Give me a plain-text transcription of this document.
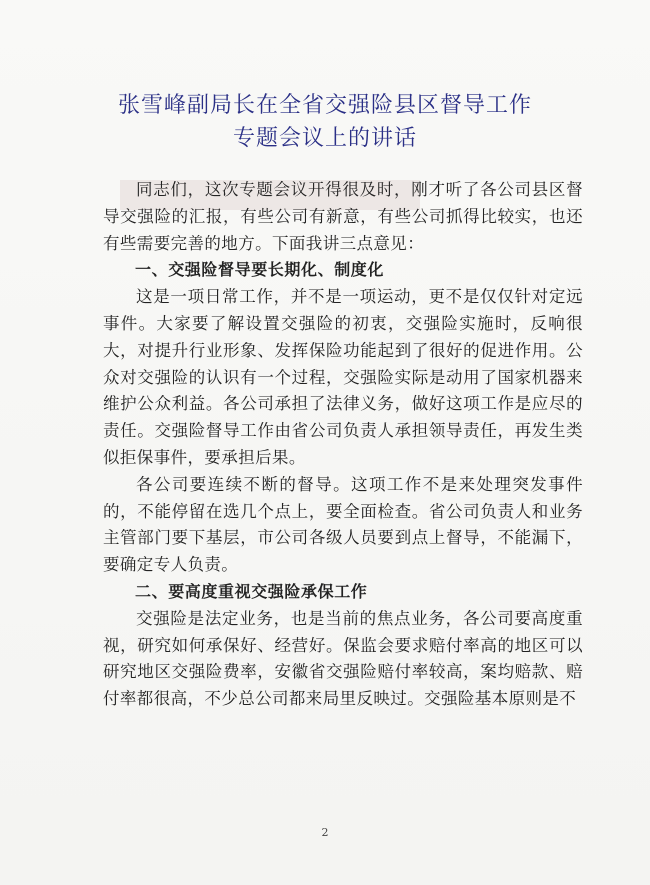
张雪峰副局长在全省交强险县区督导工作
专题会议上的讲话

同志们，这次专题会议开得很及时，刚才听了各公司县区督导交强险的汇报，有些公司有新意，有些公司抓得比较实，也还有些需要完善的地方。下面我讲三点意见：

一、交强险督导要长期化、制度化

这是一项日常工作，并不是一项运动，更不是仅仅针对定远事件。大家要了解设置交强险的初衷，交强险实施时，反响很大，对提升行业形象、发挥保险功能起到了很好的促进作用。公众对交强险的认识有一个过程，交强险实际是动用了国家机器来维护公众利益。各公司承担了法律义务，做好这项工作是应尽的责任。交强险督导工作由省公司负责人承担领导责任，再发生类似拒保事件，要承担后果。

各公司要连续不断的督导。这项工作不是来处理突发事件的，不能停留在选几个点上，要全面检查。省公司负责人和业务主管部门要下基层，市公司各级人员要到点上督导，不能漏下，要确定专人负责。

二、要高度重视交强险承保工作

交强险是法定业务，也是当前的焦点业务，各公司要高度重视，研究如何承保好、经营好。保监会要求赔付率高的地区可以研究地区交强险费率，安徽省交强险赔付率较高，案均赔款、赔付率都很高，不少总公司都来局里反映过。交强险基本原则是不

2
